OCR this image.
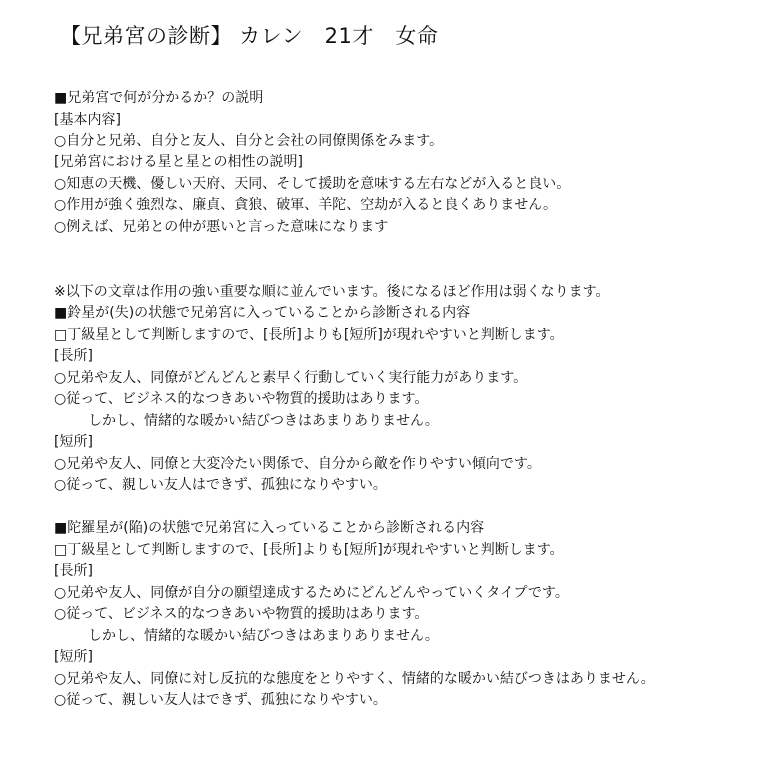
【兄弟宮の診断】 カレン　21才　女命

■兄弟宮で何が分かるか？の説明

[基本内容]

○自分と兄弟、自分と友人、自分と会社の同僚関係をみます。

[兄弟宮における星と星との相性の説明]

○知恵の天機、優しい天府、天同、そして援助を意味する左右などが入ると良い。

○作用が強く強烈な、廉貞、貪狼、破軍、羊陀、空劫が入ると良くありません。

○例えば、兄弟との仲が悪いと言った意味になります

※以下の文章は作用の強い重要な順に並んでいます。後になるほど作用は弱くなります。

■鈴星が(失)の状態で兄弟宮に入っていることから診断される内容

□丁級星として判断しますので、[長所]よりも[短所]が現れやすいと判断します。

[長所]

○兄弟や友人、同僚がどんどんと素早く行動していく実行能力があります。

○従って、ビジネス的なつきあいや物質的援助はあります。

しかし、情緒的な暖かい結びつきはあまりありません。

[短所]

○兄弟や友人、同僚と大変冷たい関係で、自分から敵を作りやすい傾向です。

○従って、親しい友人はできず、孤独になりやすい。

■陀羅星が(陥)の状態で兄弟宮に入っていることから診断される内容

□丁級星として判断しますので、[長所]よりも[短所]が現れやすいと判断します。

[長所]

○兄弟や友人、同僚が自分の願望達成するためにどんどんやっていくタイプです。

○従って、ビジネス的なつきあいや物質的援助はあります。

しかし、情緒的な暖かい結びつきはあまりありません。

[短所]

○兄弟や友人、同僚に対し反抗的な態度をとりやすく、情緒的な暖かい結びつきはありません。

○従って、親しい友人はできず、孤独になりやすい。
